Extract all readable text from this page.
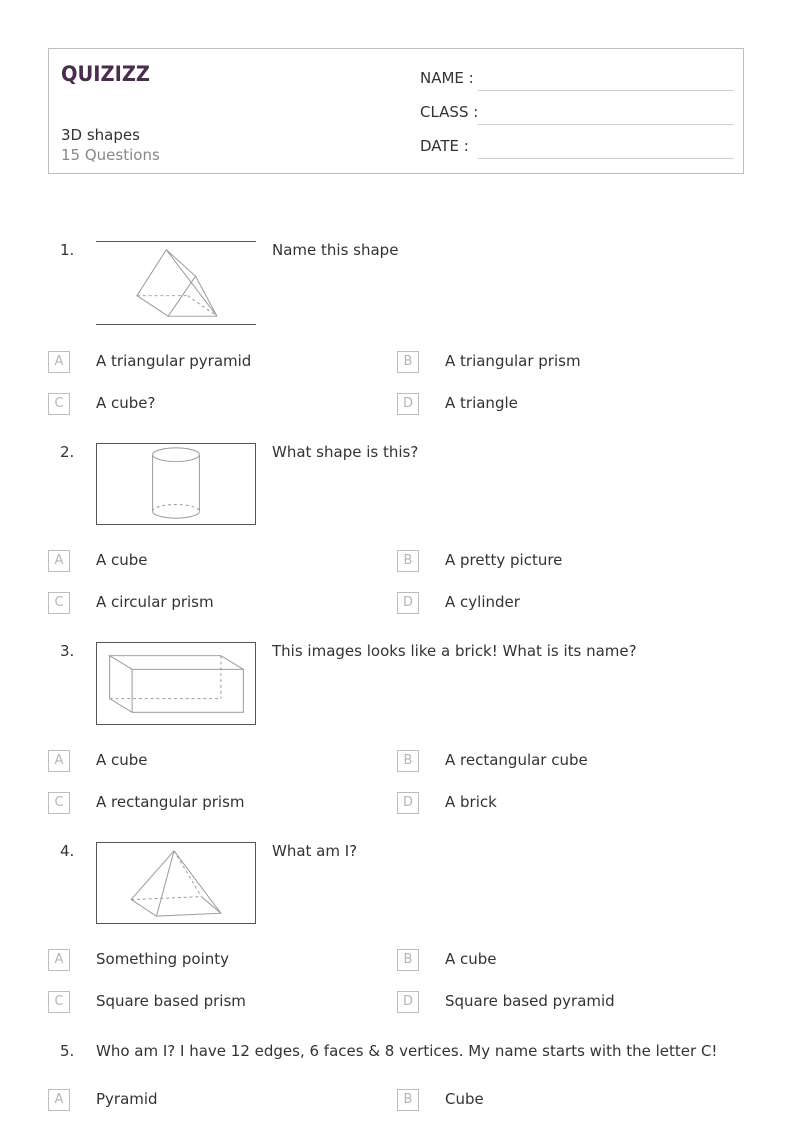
QUIZIZZ
3D shapes
15 Questions
NAME :
CLASS :
DATE :
1.	Name this shape
A	A triangular pyramid	B	A triangular prism
C	A cube?	D	A triangle
2.	What shape is this?
A	A cube	B	A pretty picture
C	A circular prism	D	A cylinder
3.	This images looks like a brick! What is its name?
A	A cube	B	A rectangular cube
C	A rectangular prism	D	A brick
4.	What am I?
A	Something pointy	B	A cube
C	Square based prism	D	Square based pyramid
5. Who am I? I have 12 edges, 6 faces & 8 vertices. My name starts with the letter C!
A	Pyramid	B	Cube
